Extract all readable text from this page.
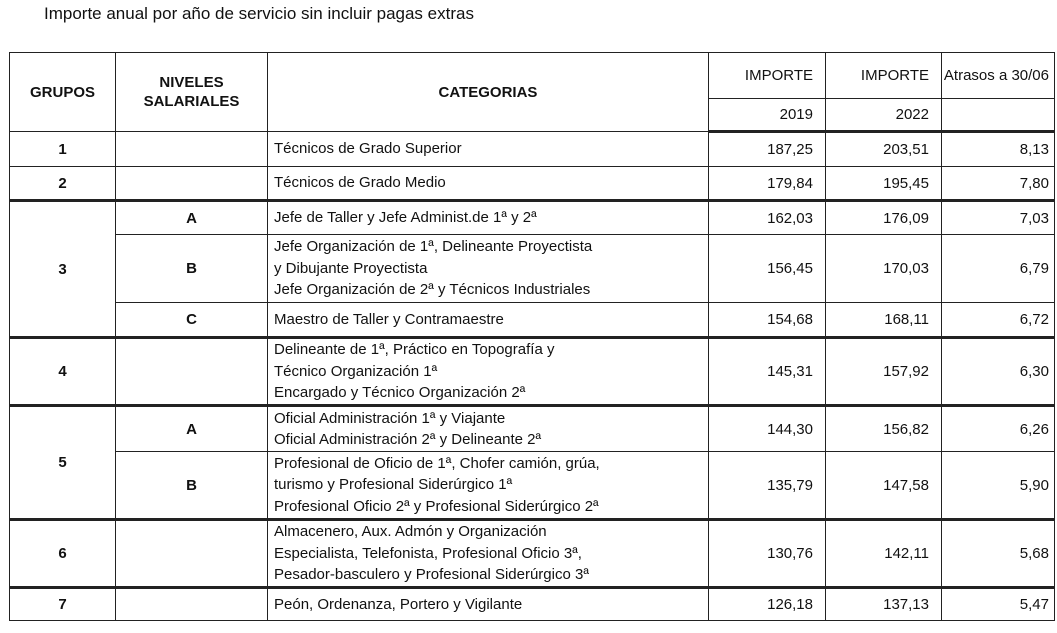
Importe anual por año de servicio sin incluir pagas extras
GRUPOS	NIVELES SALARIALES	CATEGORIAS	IMPORTE	IMPORTE	Atrasos a 30/06
			2019	2022	
1		Técnicos de Grado Superior	187,25	203,51	8,13
2		Técnicos de Grado Medio	179,84	195,45	7,80
3	A	Jefe de Taller y Jefe Administ.de 1ª y 2ª	162,03	176,09	7,03
	B	Jefe Organización de 1ª, Delineante Proyectista
y Dibujante Proyectista
Jefe Organización de 2ª y Técnicos Industriales	156,45	170,03	6,79
	C	Maestro de Taller y Contramaestre	154,68	168,11	6,72
4		Delineante de 1ª, Práctico en Topografía y
Técnico Organización 1ª
Encargado y Técnico Organización 2ª	145,31	157,92	6,30
5	A	Oficial Administración 1ª y Viajante
Oficial Administración 2ª y Delineante 2ª	144,30	156,82	6,26
	B	Profesional de Oficio de 1ª, Chofer camión, grúa,
turismo y Profesional Siderúrgico 1ª
Profesional Oficio 2ª y Profesional Siderúrgico 2ª	135,79	147,58	5,90
6		Almacenero, Aux. Admón y Organización
Especialista, Telefonista, Profesional Oficio 3ª,
Pesador-basculero y Profesional Siderúrgico 3ª	130,76	142,11	5,68
7		Peón, Ordenanza, Portero y Vigilante	126,18	137,13	5,47
